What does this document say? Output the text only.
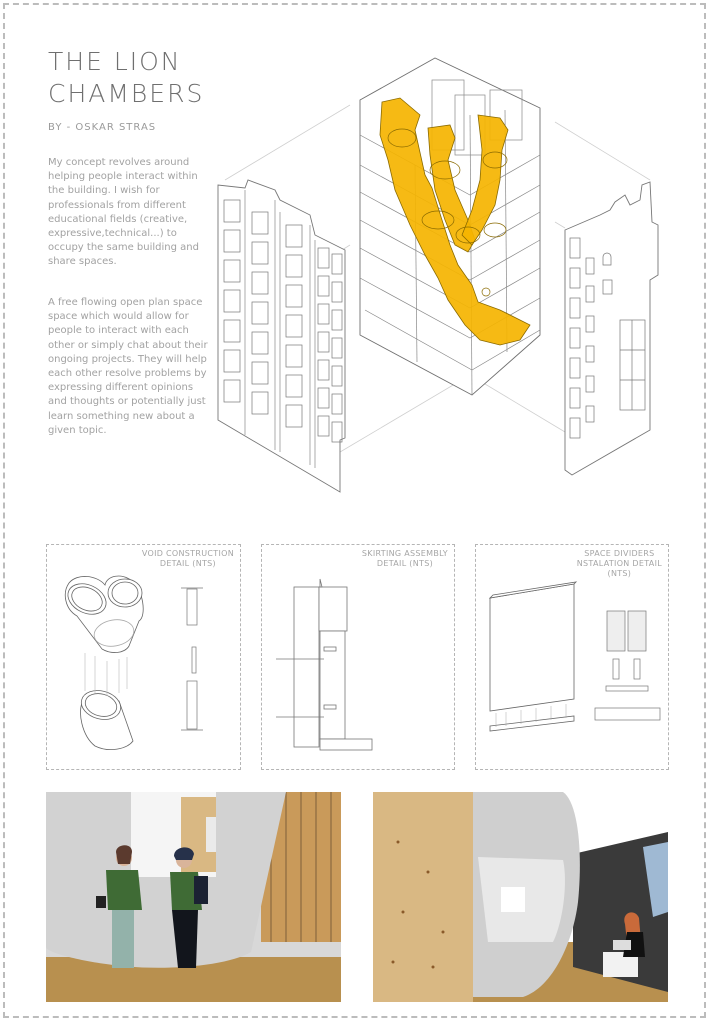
THE LION
CHAMBERS
BY - OSKAR STRAS
My concept revolves around helping people interact within the building. I wish for professionals from different educational fields (creative, expressive,technical...) to occupy the same building and share spaces.
A free flowing open plan space space which would allow for people to interact with each other or simply chat about their ongoing projects. They will help each other resolve problems by expressing different opinions and thoughts or potentially just learn something new about a given topic.
VOID CONSTRUCTION
DETAIL (NTS)
SKIRTING ASSEMBLY
DETAIL (NTS)
SPACE DIVIDERS
NSTALATION DETAIL
(NTS)
